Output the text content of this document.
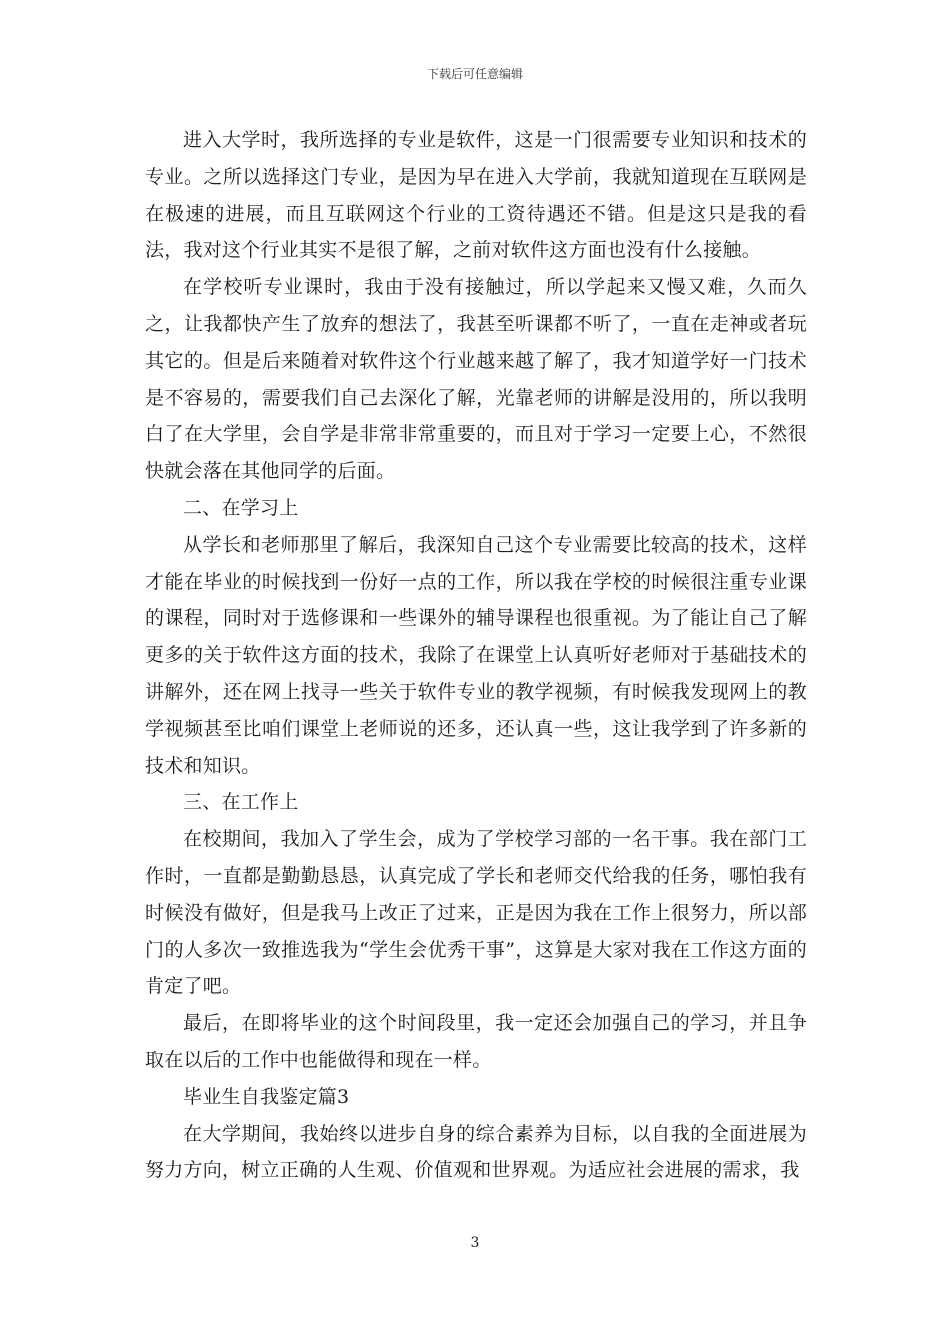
下载后可任意编辑

进入大学时，我所选择的专业是软件，这是一门很需要专业知识和技术的专业。之所以选择这门专业，是因为早在进入大学前，我就知道现在互联网是在极速的进展，而且互联网这个行业的工资待遇还不错。但是这只是我的看法，我对这个行业其实不是很了解，之前对软件这方面也没有什么接触。

在学校听专业课时，我由于没有接触过，所以学起来又慢又难，久而久之，让我都快产生了放弃的想法了，我甚至听课都不听了，一直在走神或者玩其它的。但是后来随着对软件这个行业越来越了解了，我才知道学好一门技术是不容易的，需要我们自己去深化了解，光靠老师的讲解是没用的，所以我明白了在大学里，会自学是非常非常重要的，而且对于学习一定要上心，不然很快就会落在其他同学的后面。

二、在学习上

从学长和老师那里了解后，我深知自己这个专业需要比较高的技术，这样才能在毕业的时候找到一份好一点的工作，所以我在学校的时候很注重专业课的课程，同时对于选修课和一些课外的辅导课程也很重视。为了能让自己了解更多的关于软件这方面的技术，我除了在课堂上认真听好老师对于基础技术的讲解外，还在网上找寻一些关于软件专业的教学视频，有时候我发现网上的教学视频甚至比咱们课堂上老师说的还多，还认真一些，这让我学到了许多新的技术和知识。

三、在工作上

在校期间，我加入了学生会，成为了学校学习部的一名干事。我在部门工作时，一直都是勤勤恳恳，认真完成了学长和老师交代给我的任务，哪怕我有时候没有做好，但是我马上改正了过来，正是因为我在工作上很努力，所以部门的人多次一致推选我为“学生会优秀干事”，这算是大家对我在工作这方面的肯定了吧。

最后，在即将毕业的这个时间段里，我一定还会加强自己的学习，并且争取在以后的工作中也能做得和现在一样。

毕业生自我鉴定篇3

在大学期间，我始终以进步自身的综合素养为目标，以自我的全面进展为努力方向，树立正确的人生观、价值观和世界观。为适应社会进展的需求，我

3
